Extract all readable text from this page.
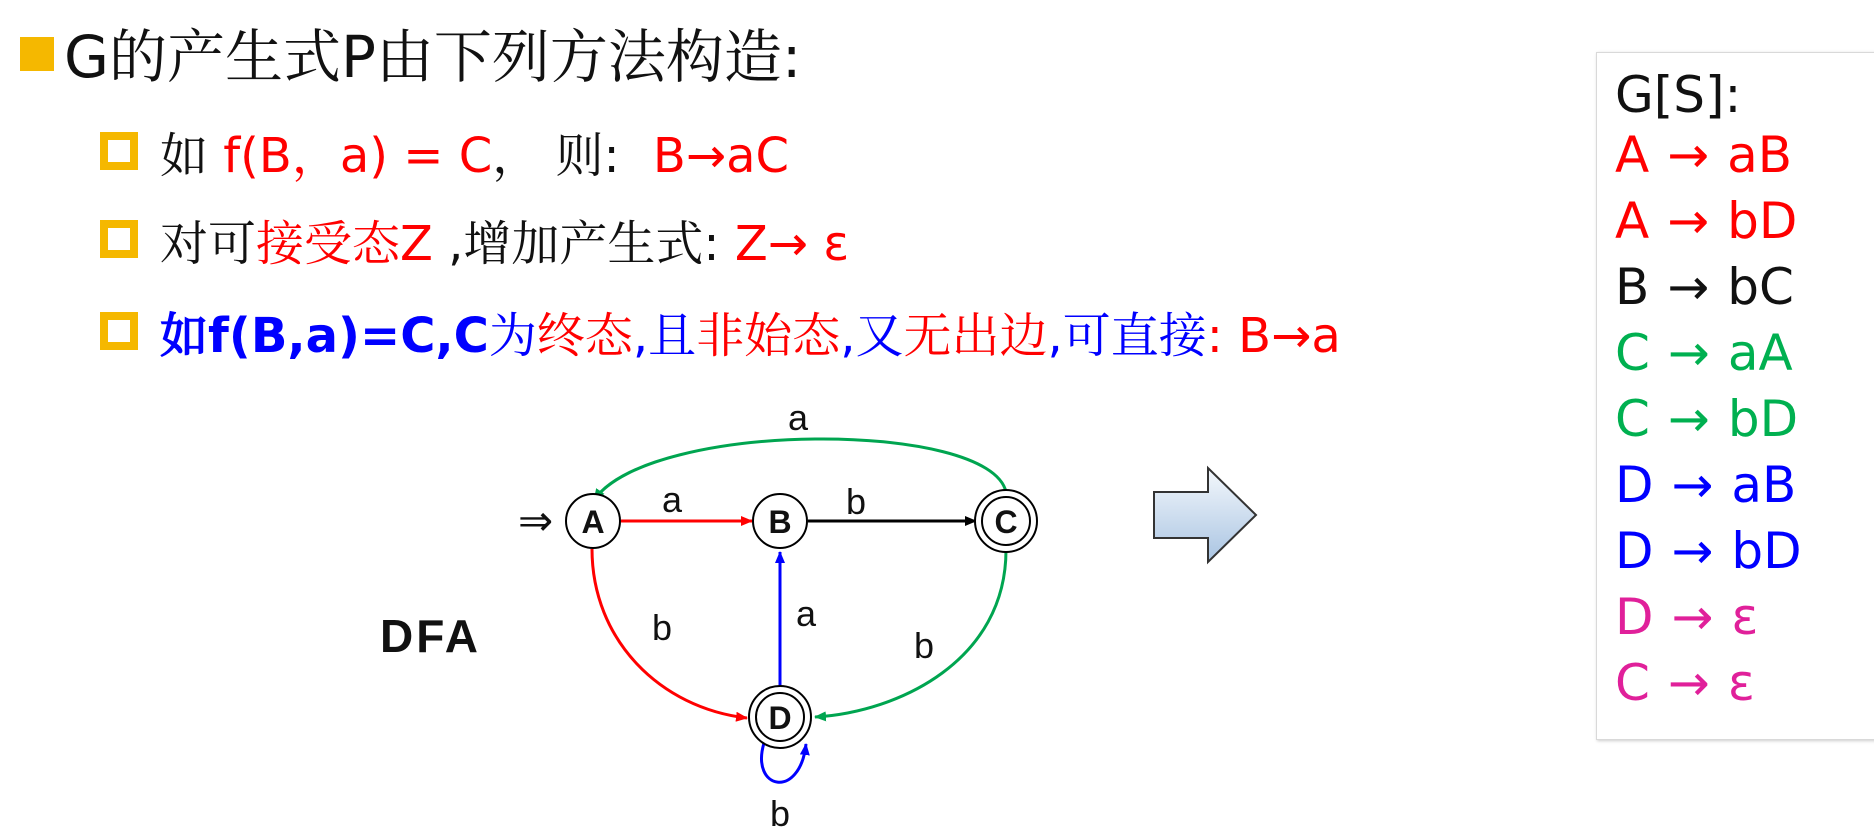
G的产生式P由下列方法构造:
如 f(B，a) = C， 则: B→aC
对可接受态Z ,增加产生式: Z→ ε
如f(B,a)=C,C为终态,且非始态,又无出边,可直接: B→a
⇒ A	B	C
D
a	b
a
b	a
b
b
DFA
G[S]:
A → aB
A → bD
B → bC
C → aA
C → bD
D → aB
D → bD
D → ε
C → ε
